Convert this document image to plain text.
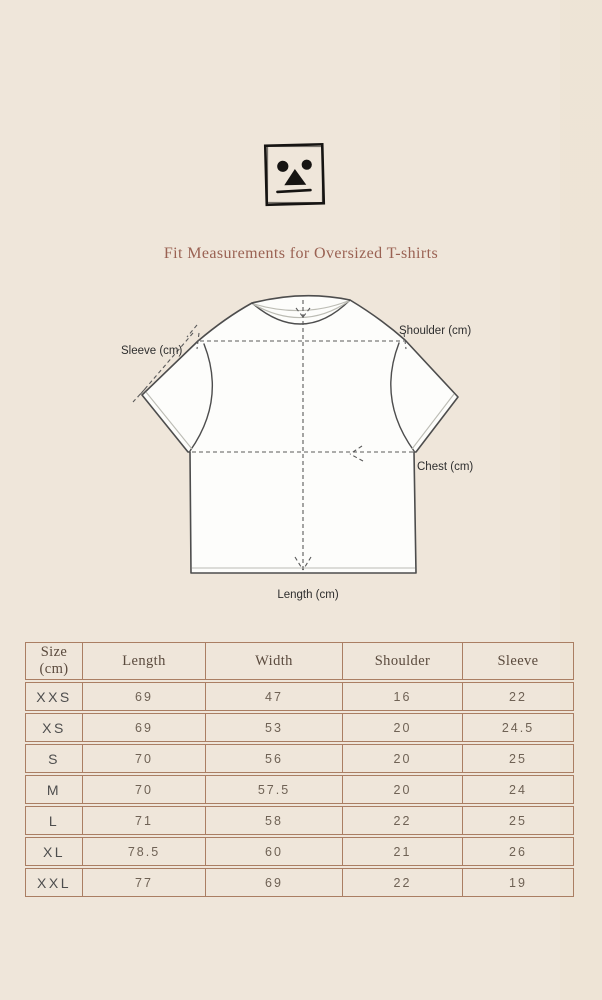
Fit Measurements for Oversized T-shirts
Sleeve (cm)
Shoulder (cm)
Chest (cm)
Length (cm)
Size (cm)	Length	Width	Shoulder	Sleeve
XXS	69	47	16	22
XS	69	53	20	24.5
S	70	56	20	25
M	70	57.5	20	24
L	71	58	22	25
XL	78.5	60	21	26
XXL	77	69	22	19
